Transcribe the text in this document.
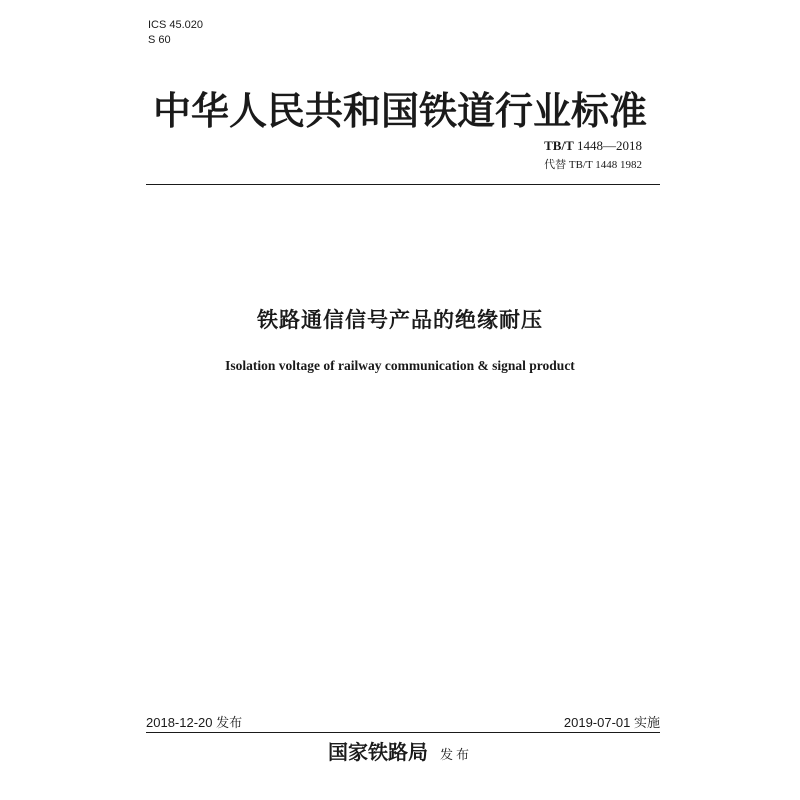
ICS 45.020
S 60
中华人民共和国铁道行业标准
TB/T 1448—2018
代替 TB/T 1448 1982
铁路通信信号产品的绝缘耐压
Isolation voltage of railway communication & signal product
2018-12-20 发布	2019-07-01 实施
国家铁路局 发布
